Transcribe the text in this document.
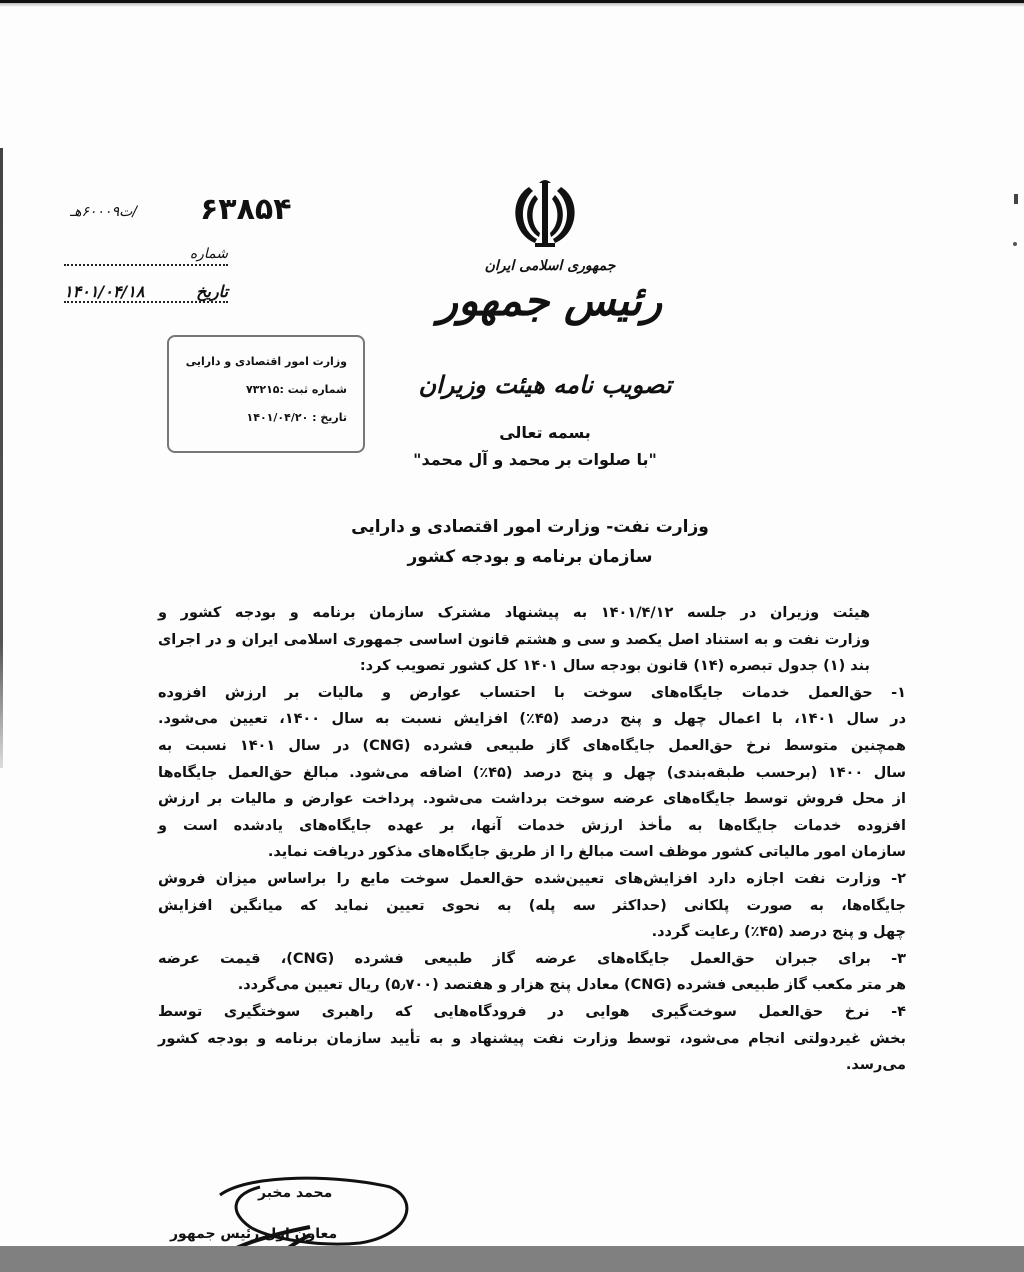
۶۳۸۵۴
/ت۶۰۰۰۹هـ
شماره
تاریخ
۱۴۰۱/۰۴/۱۸
وزارت امور اقتصادی و دارایی
شماره ثبت :۷۳۲۱۵
تاریخ : ۱۴۰۱/۰۴/۲۰
جمهوری اسلامی ایران
رئیس جمهور
تصویب نامه هیئت وزیران
بسمه تعالی
"با صلوات بر محمد و آل محمد"
وزارت نفت- وزارت امور اقتصادی و دارایی
سازمان برنامه و بودجه کشور

هیئت وزیران در جلسه ۱۴۰۱/۴/۱۲ به پیشنهاد مشترک سازمان برنامه و بودجه کشور و
وزارت نفت و به استناد اصل یکصد و سی و هشتم قانون اساسی جمهوری اسلامی ایران و در اجرای
بند (۱) جدول تبصره (۱۴) قانون بودجه سال ۱۴۰۱ کل کشور تصویب کرد:

۱- حق‌العمل خدمات جایگاه‌های سوخت با احتساب عوارض و مالیات بر ارزش افزوده
در سال ۱۴۰۱، با اعمال چهل و پنج درصد (۴۵٪) افزایش نسبت به سال ۱۴۰۰، تعیین می‌شود.
همچنین متوسط نرخ حق‌العمل جایگاه‌های گاز طبیعی فشرده (CNG) در سال ۱۴۰۱ نسبت به
سال ۱۴۰۰ (برحسب طبقه‌بندی) چهل و پنج درصد (۴۵٪) اضافه می‌شود. مبالغ حق‌العمل جایگاه‌ها
از محل فروش توسط جایگاه‌های عرضه سوخت برداشت می‌شود. پرداخت عوارض و مالیات بر ارزش
افزوده خدمات جایگاه‌ها به مأخذ ارزش خدمات آنها، بر عهده جایگاه‌های یادشده است و
سازمان امور مالیاتی کشور موظف است مبالغ را از طریق جایگاه‌های مذکور دریافت نماید.

۲- وزارت نفت اجازه دارد افزایش‌های تعیین‌شده حق‌العمل سوخت مایع را براساس میزان فروش
جایگاه‌ها، به صورت پلکانی (حداکثر سه پله) به نحوی تعیین نماید که میانگین افزایش
چهل و پنج درصد (۴۵٪) رعایت گردد.

۳- برای جبران حق‌العمل جایگاه‌های عرضه گاز طبیعی فشرده (CNG)، قیمت عرضه
هر متر مکعب گاز طبیعی فشرده (CNG) معادل پنج هزار و هفتصد (۵٫۷۰۰) ریال تعیین می‌گردد.

۴- نرخ حق‌العمل سوخت‌گیری هوایی در فرودگاه‌هایی که راهبری سوختگیری توسط
بخش غیردولتی انجام می‌شود، توسط وزارت نفت پیشنهاد و به تأیید سازمان برنامه و بودجه کشور
می‌رسد.

محمد مخبر
معاون اول رئیس جمهور
